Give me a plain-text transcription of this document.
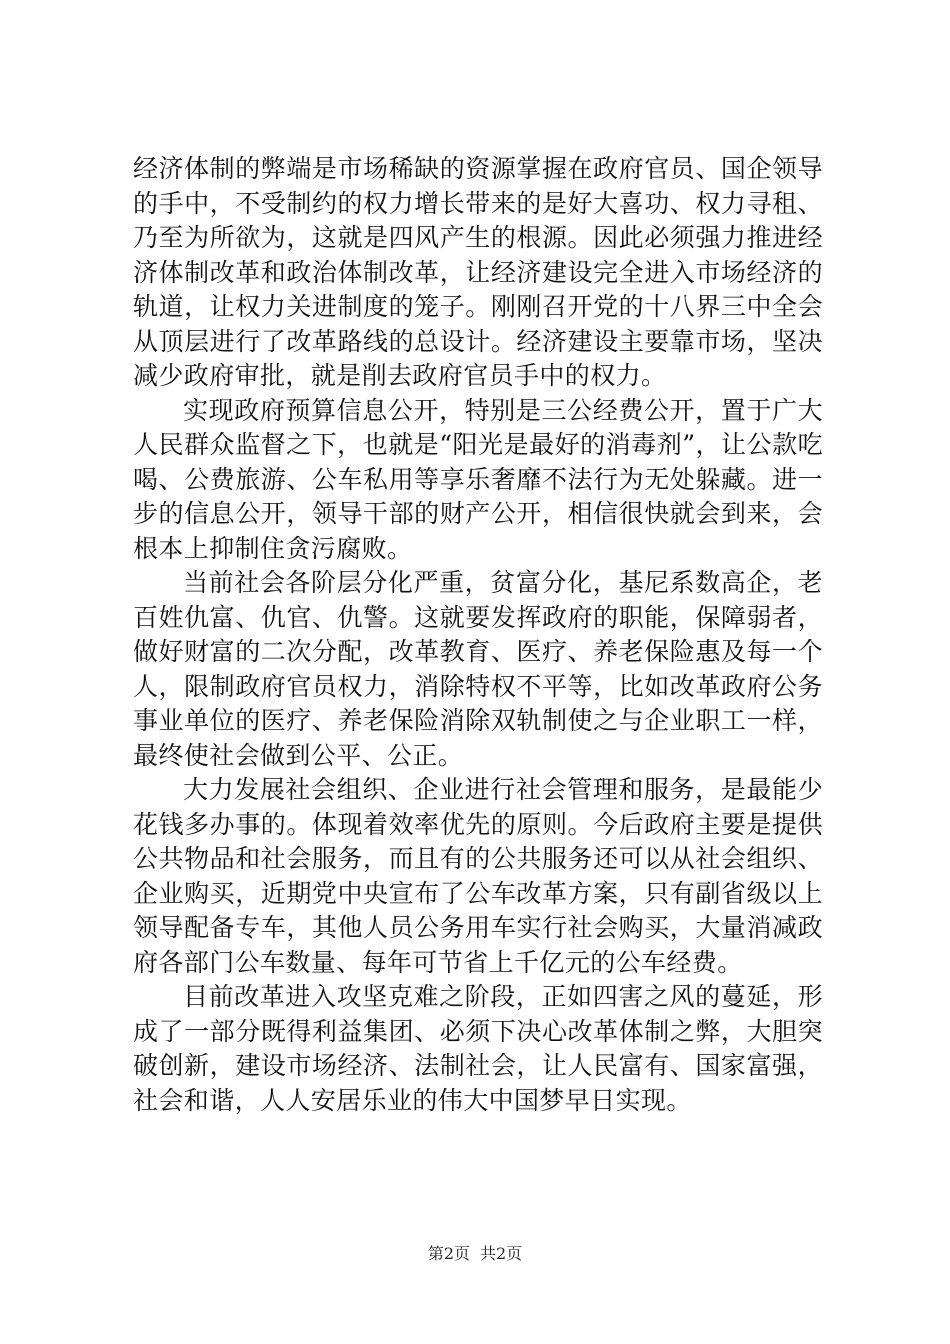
经济体制的弊端是市场稀缺的资源掌握在政府官员、国企领导的手中，不受制约的权力增长带来的是好大喜功、权力寻租、乃至为所欲为，这就是四风产生的根源。因此必须强力推进经济体制改革和政治体制改革，让经济建设完全进入市场经济的轨道，让权力关进制度的笼子。刚刚召开党的十八界三中全会从顶层进行了改革路线的总设计。经济建设主要靠市场，坚决减少政府审批，就是削去政府官员手中的权力。

实现政府预算信息公开，特别是三公经费公开，置于广大人民群众监督之下，也就是“阳光是最好的消毒剂”，让公款吃喝、公费旅游、公车私用等享乐奢靡不法行为无处躲藏。进一步的信息公开，领导干部的财产公开，相信很快就会到来，会根本上抑制住贪污腐败。

当前社会各阶层分化严重，贫富分化，基尼系数高企，老百姓仇富、仇官、仇警。这就要发挥政府的职能，保障弱者，做好财富的二次分配，改革教育、医疗、养老保险惠及每一个人，限制政府官员权力，消除特权不平等，比如改革政府公务事业单位的医疗、养老保险消除双轨制使之与企业职工一样，最终使社会做到公平、公正。

大力发展社会组织、企业进行社会管理和服务，是最能少花钱多办事的。体现着效率优先的原则。今后政府主要是提供公共物品和社会服务，而且有的公共服务还可以从社会组织、企业购买，近期党中央宣布了公车改革方案，只有副省级以上领导配备专车，其他人员公务用车实行社会购买，大量消减政府各部门公车数量、每年可节省上千亿元的公车经费。

目前改革进入攻坚克难之阶段，正如四害之风的蔓延，形成了一部分既得利益集团、必须下决心改革体制之弊，大胆突破创新，建设市场经济、法制社会，让人民富有、国家富强，社会和谐，人人安居乐业的伟大中国梦早日实现。

第2页 共2页
